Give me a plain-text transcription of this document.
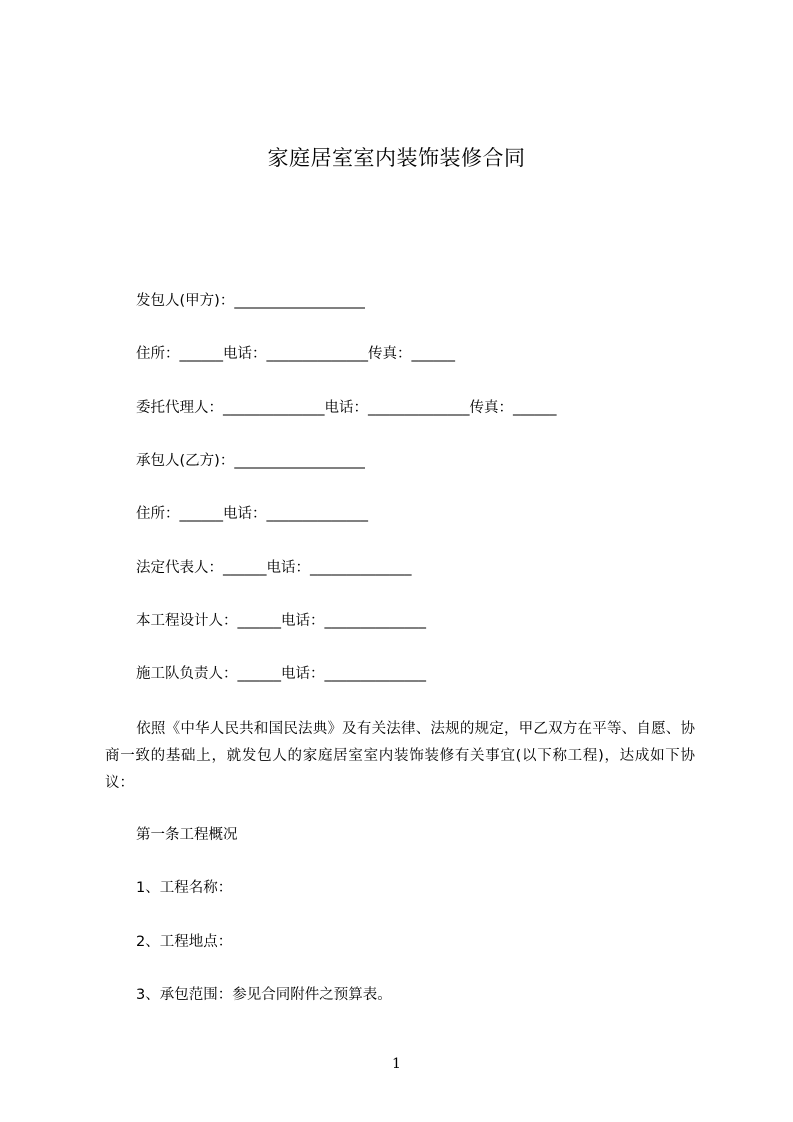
家庭居室室内装饰装修合同
发包人(甲方)：__________________
住所：______电话：______________传真：______
委托代理人：______________电话：______________传真：______
承包人(乙方)：__________________
住所：______电话：______________
法定代表人：______电话：______________
本工程设计人：______电话：______________
施工队负责人：______电话：______________
依照《中华人民共和国民法典》及有关法律、法规的规定，甲乙双方在平等、自愿、协商一致的基础上，就发包人的家庭居室室内装饰装修有关事宜(以下称工程)，达成如下协议：
第一条工程概况
1、工程名称：
2、工程地点：
3、承包范围：参见合同附件之预算表。
1
